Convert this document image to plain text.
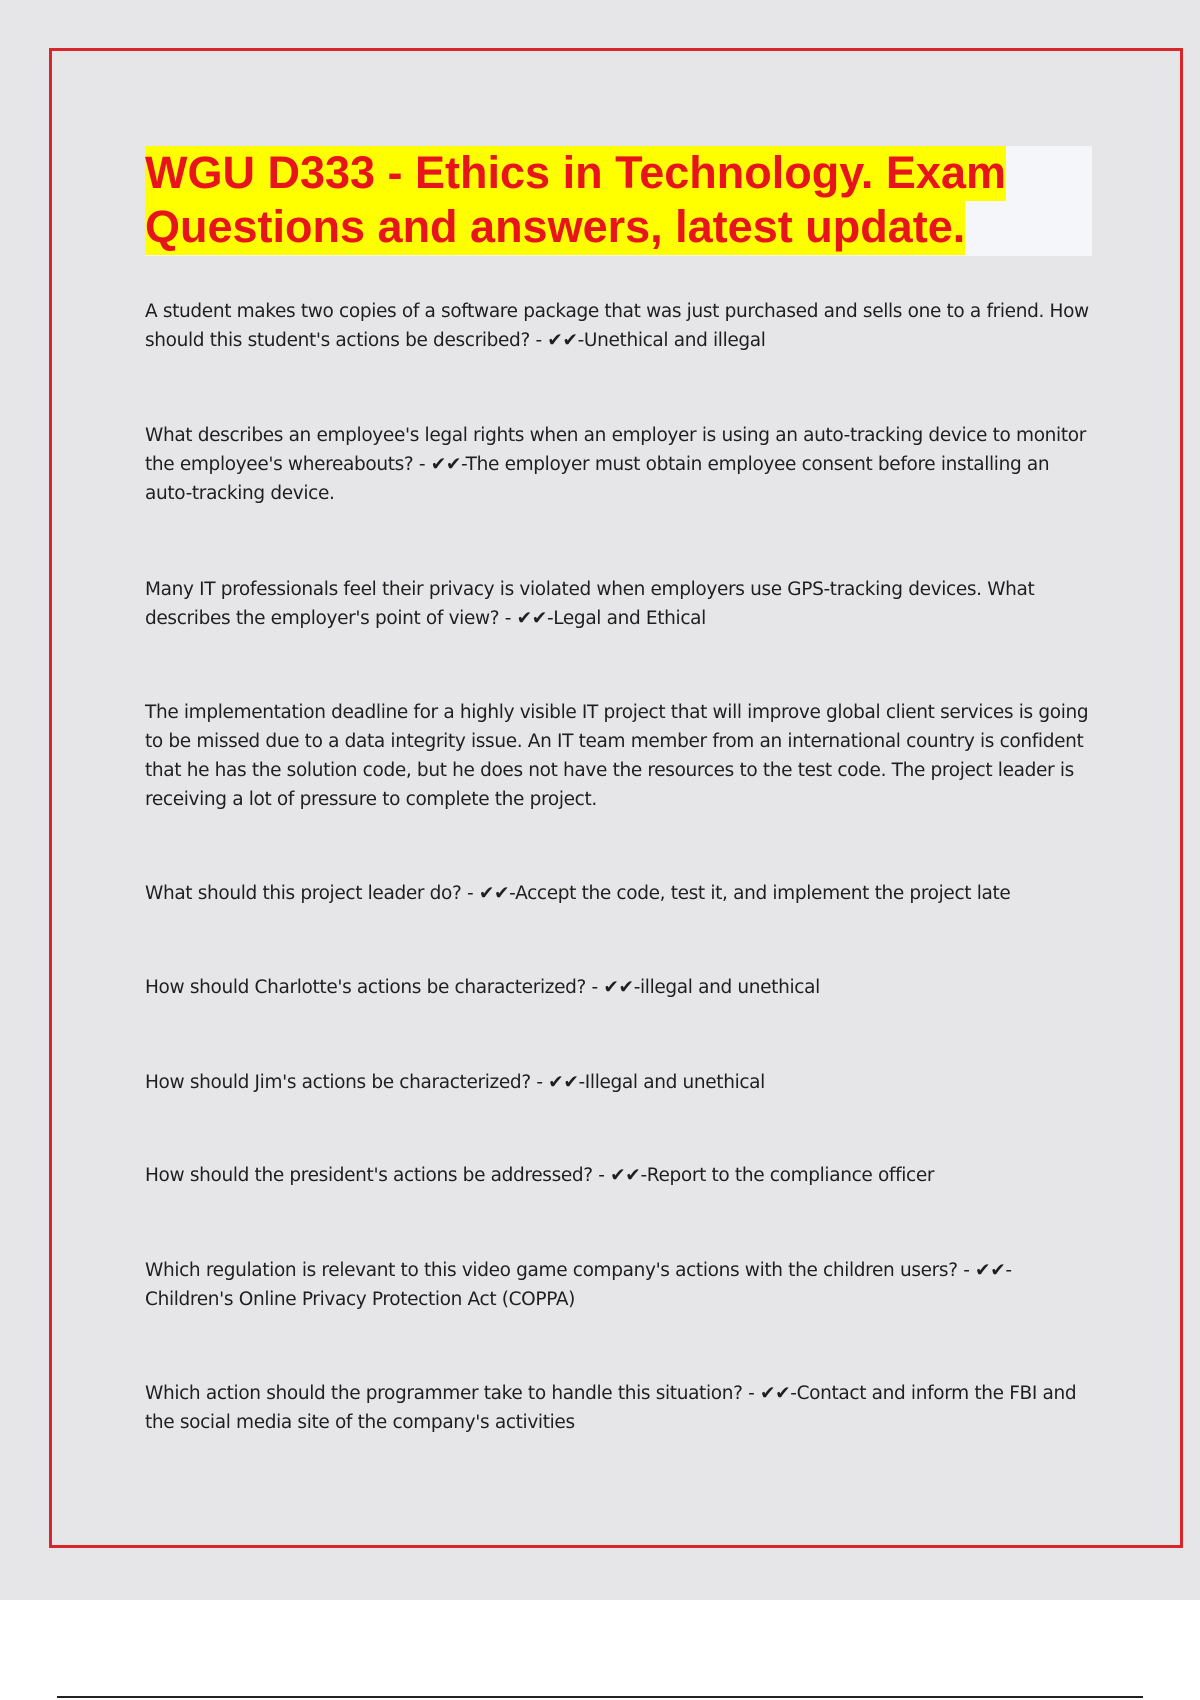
WGU D333 - Ethics in Technology. Exam Questions and answers, latest update.

A student makes two copies of a software package that was just purchased and sells one to a friend. How should this student's actions be described? - ✔✔-Unethical and illegal

What describes an employee's legal rights when an employer is using an auto-tracking device to monitor the employee's whereabouts? - ✔✔-The employer must obtain employee consent before installing an auto-tracking device.

Many IT professionals feel their privacy is violated when employers use GPS-tracking devices. What describes the employer's point of view? - ✔✔-Legal and Ethical

The implementation deadline for a highly visible IT project that will improve global client services is going to be missed due to a data integrity issue. An IT team member from an international country is confident that he has the solution code, but he does not have the resources to the test code. The project leader is receiving a lot of pressure to complete the project.

What should this project leader do? - ✔✔-Accept the code, test it, and implement the project late

How should Charlotte's actions be characterized? - ✔✔-illegal and unethical

How should Jim's actions be characterized? - ✔✔-Illegal and unethical

How should the president's actions be addressed? - ✔✔-Report to the compliance officer

Which regulation is relevant to this video game company's actions with the children users? - ✔✔-Children's Online Privacy Protection Act (COPPA)

Which action should the programmer take to handle this situation? - ✔✔-Contact and inform the FBI and the social media site of the company's activities
